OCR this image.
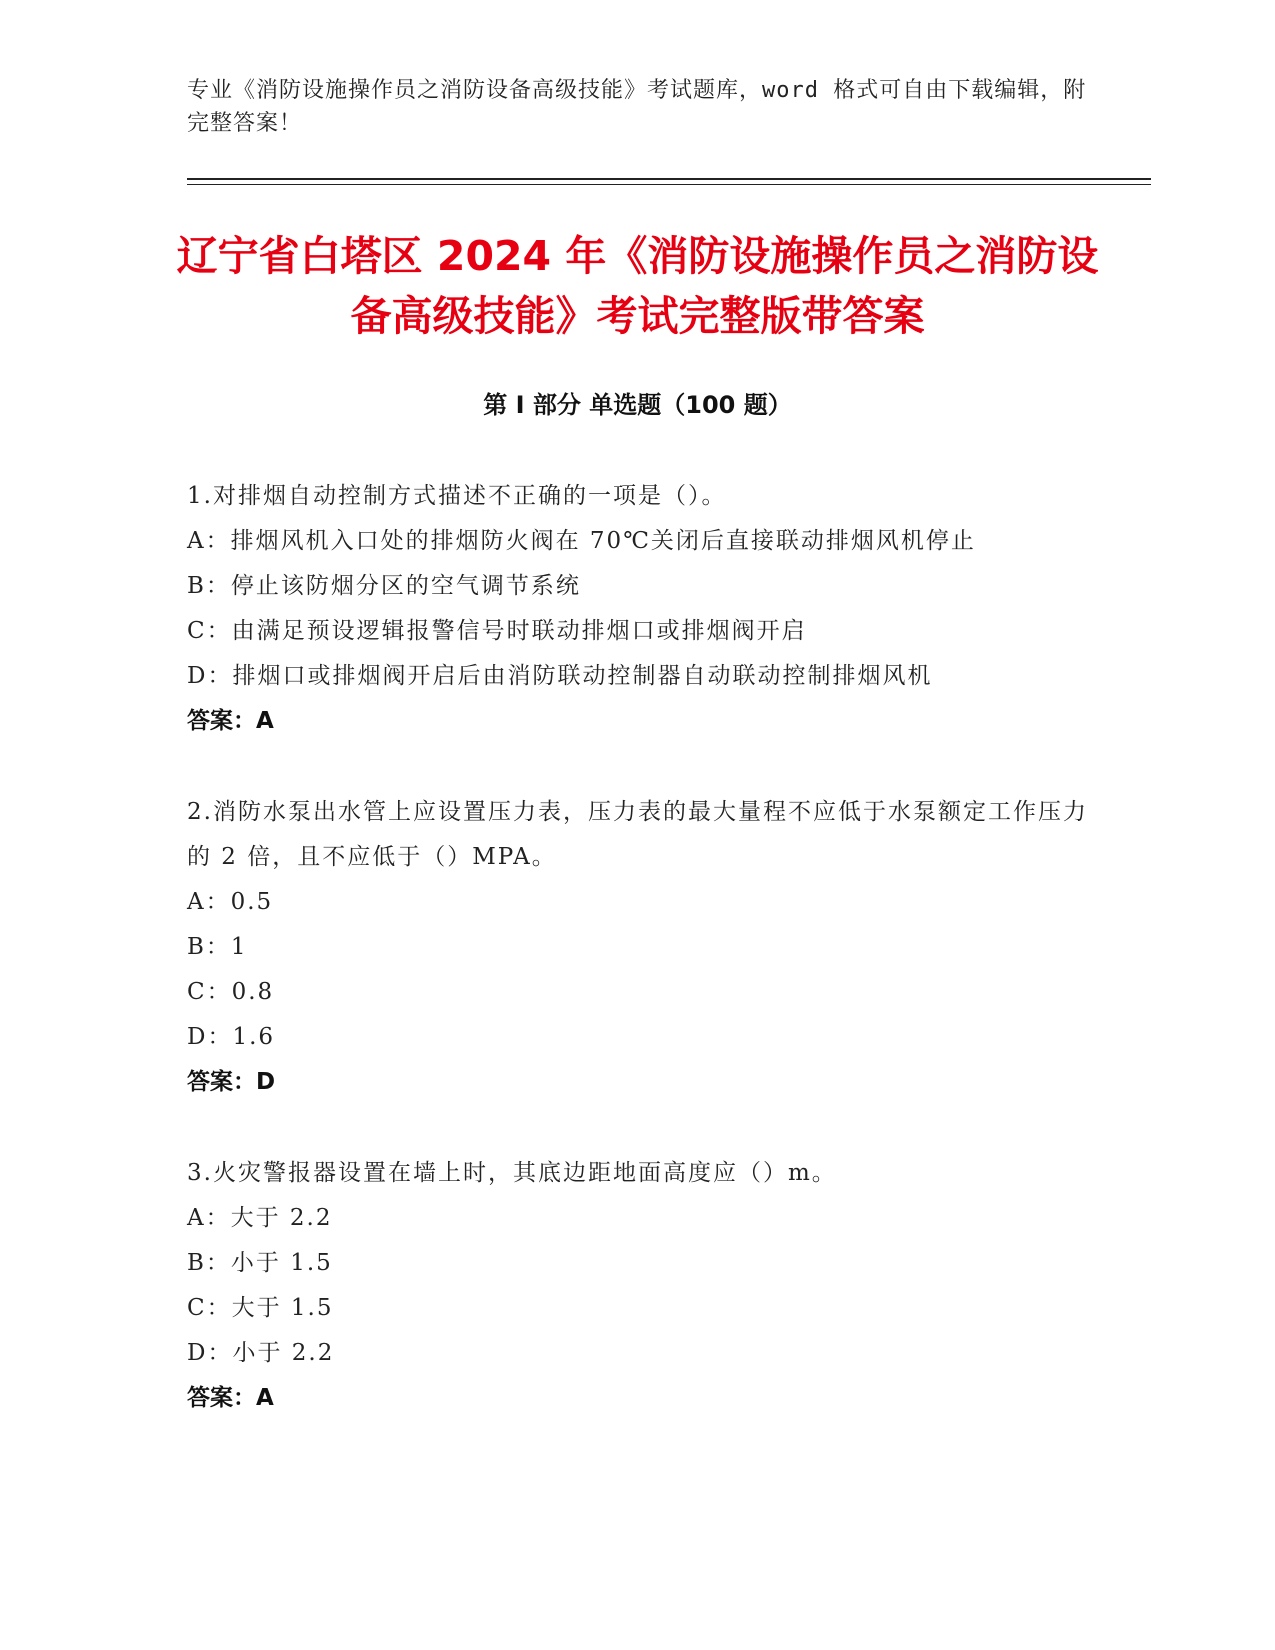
专业《消防设施操作员之消防设备高级技能》考试题库，word 格式可自由下载编辑，附完整答案！
辽宁省白塔区 2024 年《消防设施操作员之消防设备高级技能》考试完整版带答案
第 I 部分 单选题（100 题）
1.对排烟自动控制方式描述不正确的一项是（）。
A：排烟风机入口处的排烟防火阀在 70℃关闭后直接联动排烟风机停止
B：停止该防烟分区的空气调节系统
C：由满足预设逻辑报警信号时联动排烟口或排烟阀开启
D：排烟口或排烟阀开启后由消防联动控制器自动联动控制排烟风机
答案：A
2.消防水泵出水管上应设置压力表，压力表的最大量程不应低于水泵额定工作压力的 2 倍，且不应低于（）MPA。
A：0.5
B：1
C：0.8
D：1.6
答案：D
3.火灾警报器设置在墙上时，其底边距地面高度应（）m。
A：大于 2.2
B：小于 1.5
C：大于 1.5
D：小于 2.2
答案：A
